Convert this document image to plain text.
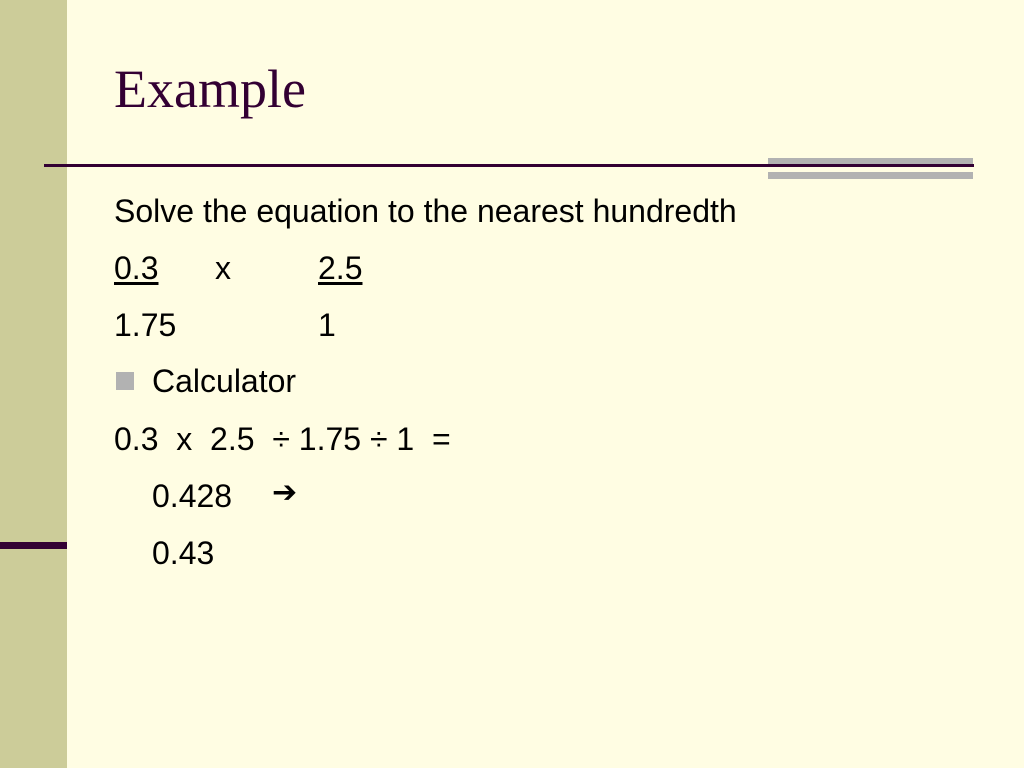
Example
Solve the equation to the nearest hundredth
0.3 x	2.5
1.75	1
Calculator
0.3  x  2.5  ÷ 1.75 ÷ 1  =
0.428 ➔
0.43
